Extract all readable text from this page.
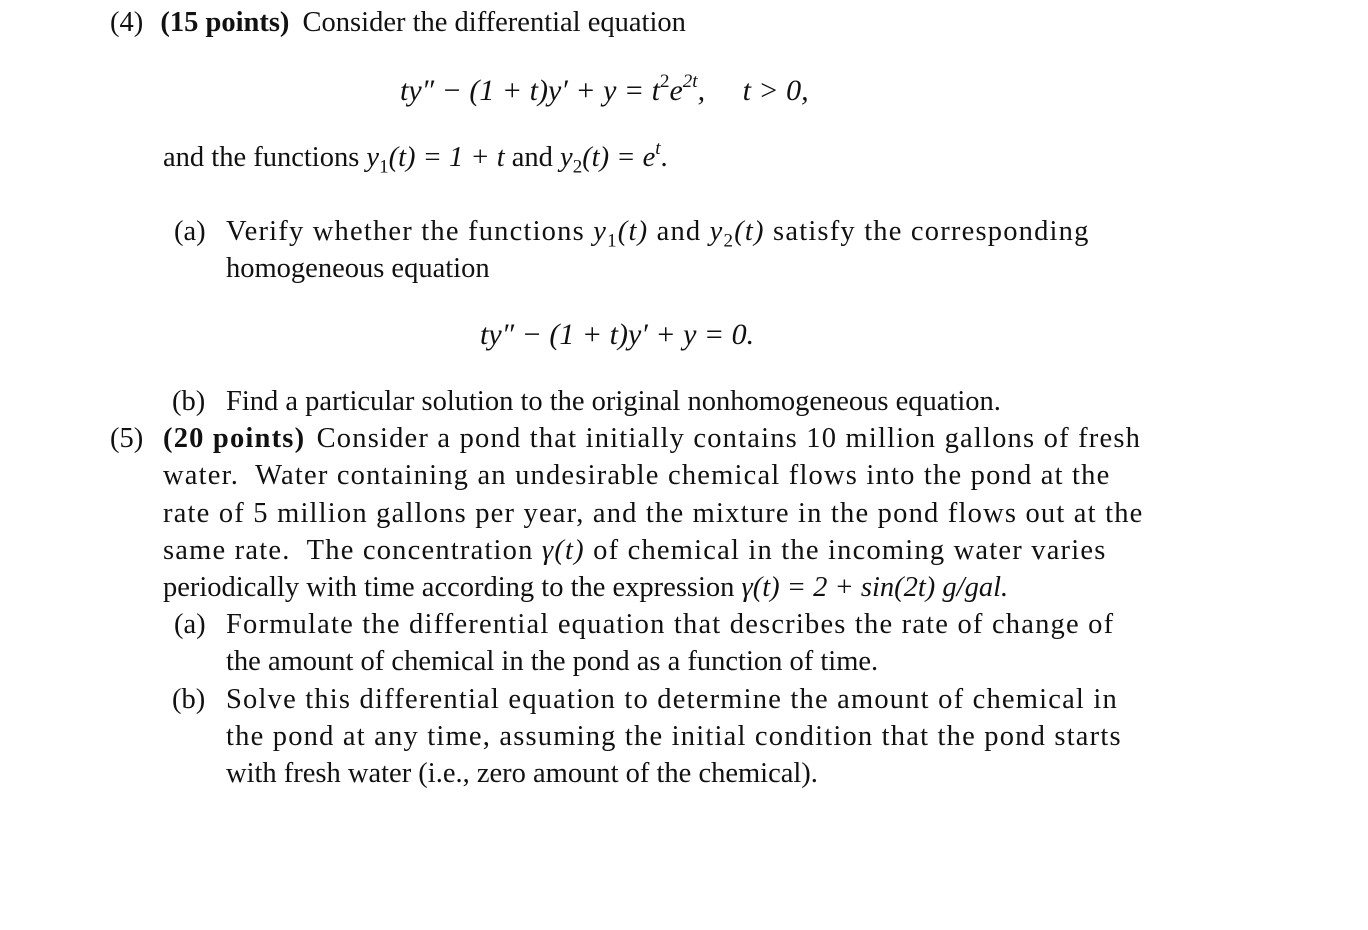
(4) (15 points) Consider the differential equation
$ty'' - (1 + t)y' + y = t^2e^{2t}$,     t > 0,
and the functions $y_1(t) = 1 + t$ and $y_2(t) = e^t$.
(a) Verify whether the functions $y_1(t)$ and $y_2(t)$ satisfy the corresponding
homogeneous equation
ty″ − (1 + t)y′ + y = 0.
(b) Find a particular solution to the original nonhomogeneous equation.
(5) (20 points) Consider a pond that initially contains 10 million gallons of fresh
water.  Water containing an undesirable chemical flows into the pond at the
rate of 5 million gallons per year, and the mixture in the pond flows out at the
same rate.  The concentration γ(t) of chemical in the incoming water varies
periodically with time according to the expression γ(t) = 2 + sin(2t) g/gal.
(a) Formulate the differential equation that describes the rate of change of
the amount of chemical in the pond as a function of time.
(b) Solve this differential equation to determine the amount of chemical in
the pond at any time, assuming the initial condition that the pond starts
with fresh water (i.e., zero amount of the chemical).
